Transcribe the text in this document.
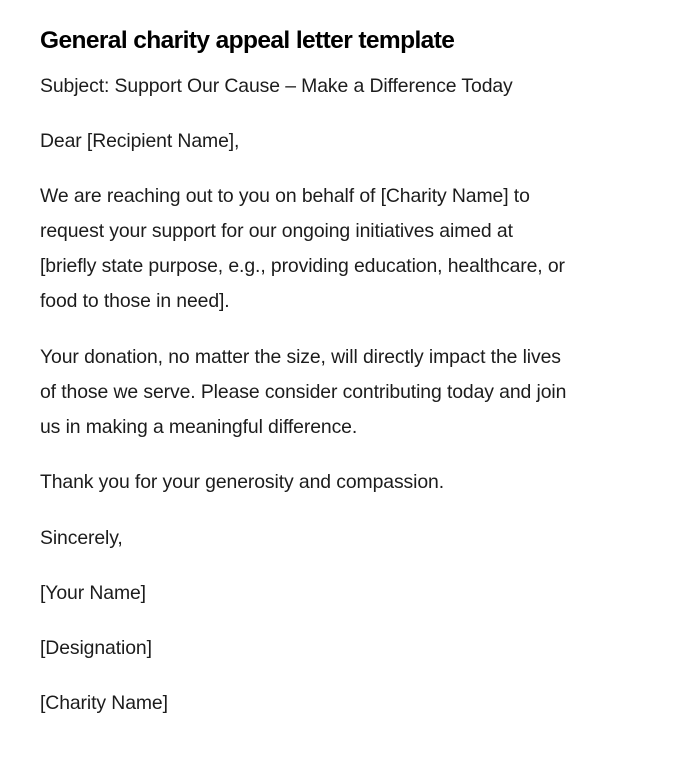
General charity appeal letter template

Subject: Support Our Cause – Make a Difference Today

Dear [Recipient Name],

We are reaching out to you on behalf of [Charity Name] to
request your support for our ongoing initiatives aimed at
[briefly state purpose, e.g., providing education, healthcare, or
food to those in need].

Your donation, no matter the size, will directly impact the lives
of those we serve. Please consider contributing today and join
us in making a meaningful difference.

Thank you for your generosity and compassion.

Sincerely,

[Your Name]

[Designation]

[Charity Name]
